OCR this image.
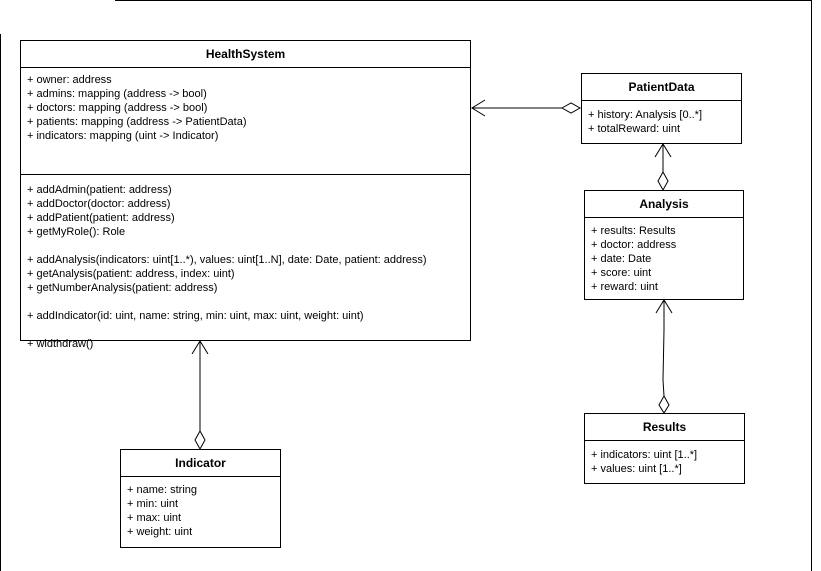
HealthSystem
+ owner: address
+ admins: mapping (address -> bool)
+ doctors: mapping (address -> bool)
+ patients: mapping (address -> PatientData)
+ indicators: mapping (uint -> Indicator)
+ addAdmin(patient: address)
+ addDoctor(doctor: address)
+ addPatient(patient: address)
+ getMyRole(): Role
+ addAnalysis(indicators: uint[1..*), values: uint[1..N], date: Date, patient: address)
+ getAnalysis(patient: address, index: uint)
+ getNumberAnalysis(patient: address)
+ addIndicator(id: uint, name: string, min: uint, max: uint, weight: uint)
+ widthdraw()
PatientData
+ history: Analysis [0..*]
+ totalReward: uint
Analysis
+ results: Results
+ doctor: address
+ date: Date
+ score: uint
+ reward: uint
Results
+ indicators: uint [1..*]
+ values: uint [1..*]
Indicator
+ name: string
+ min: uint
+ max: uint
+ weight: uint
